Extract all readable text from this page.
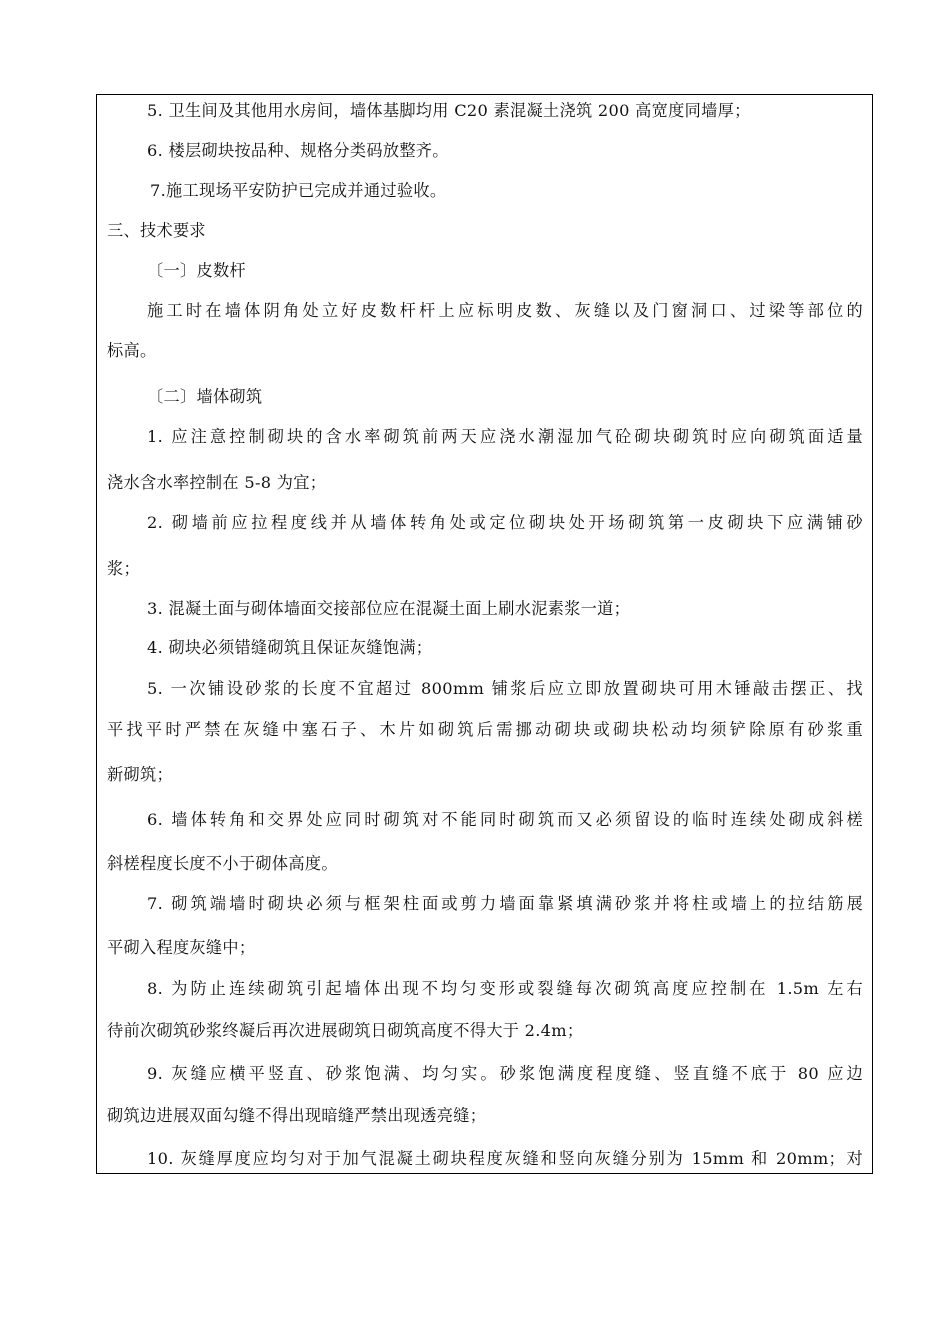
5. 卫生间及其他用水房间，墙体基脚均用 C20 素混凝土浇筑 200 高宽度同墙厚；
6. 楼层砌块按品种、规格分类码放整齐。
7.施工现场平安防护已完成并通过验收。
三、技术要求
〔一〕皮数杆
施工时在墙体阴角处立好皮数杆杆上应标明皮数、灰缝以及门窗洞口、过梁等部位的
标高。
〔二〕墙体砌筑
1. 应注意控制砌块的含水率砌筑前两天应浇水潮湿加气砼砌块砌筑时应向砌筑面适量
浇水含水率控制在 5-8 为宜；
2. 砌墙前应拉程度线并从墙体转角处或定位砌块处开场砌筑第一皮砌块下应满铺砂
浆；
3. 混凝土面与砌体墙面交接部位应在混凝土面上刷水泥素浆一道；
4. 砌块必须错缝砌筑且保证灰缝饱满；
5. 一次铺设砂浆的长度不宜超过 800mm 铺浆后应立即放置砌块可用木锤敲击摆正、找
平找平时严禁在灰缝中塞石子、木片如砌筑后需挪动砌块或砌块松动均须铲除原有砂浆重
新砌筑；
6. 墙体转角和交界处应同时砌筑对不能同时砌筑而又必须留设的临时连续处砌成斜槎
斜槎程度长度不小于砌体高度。
7. 砌筑端墙时砌块必须与框架柱面或剪力墙面靠紧填满砂浆并将柱或墙上的拉结筋展
平砌入程度灰缝中；
8. 为防止连续砌筑引起墙体出现不均匀变形或裂缝每次砌筑高度应控制在 1.5m 左右
待前次砌筑砂浆终凝后再次进展砌筑日砌筑高度不得大于 2.4m；
9. 灰缝应横平竖直、砂浆饱满、均匀实。砂浆饱满度程度缝、竖直缝不底于 80 应边
砌筑边进展双面勾缝不得出现暗缝严禁出现透亮缝；
10. 灰缝厚度应均匀对于加气混凝土砌块程度灰缝和竖向灰缝分别为 15mm 和 20mm；对
